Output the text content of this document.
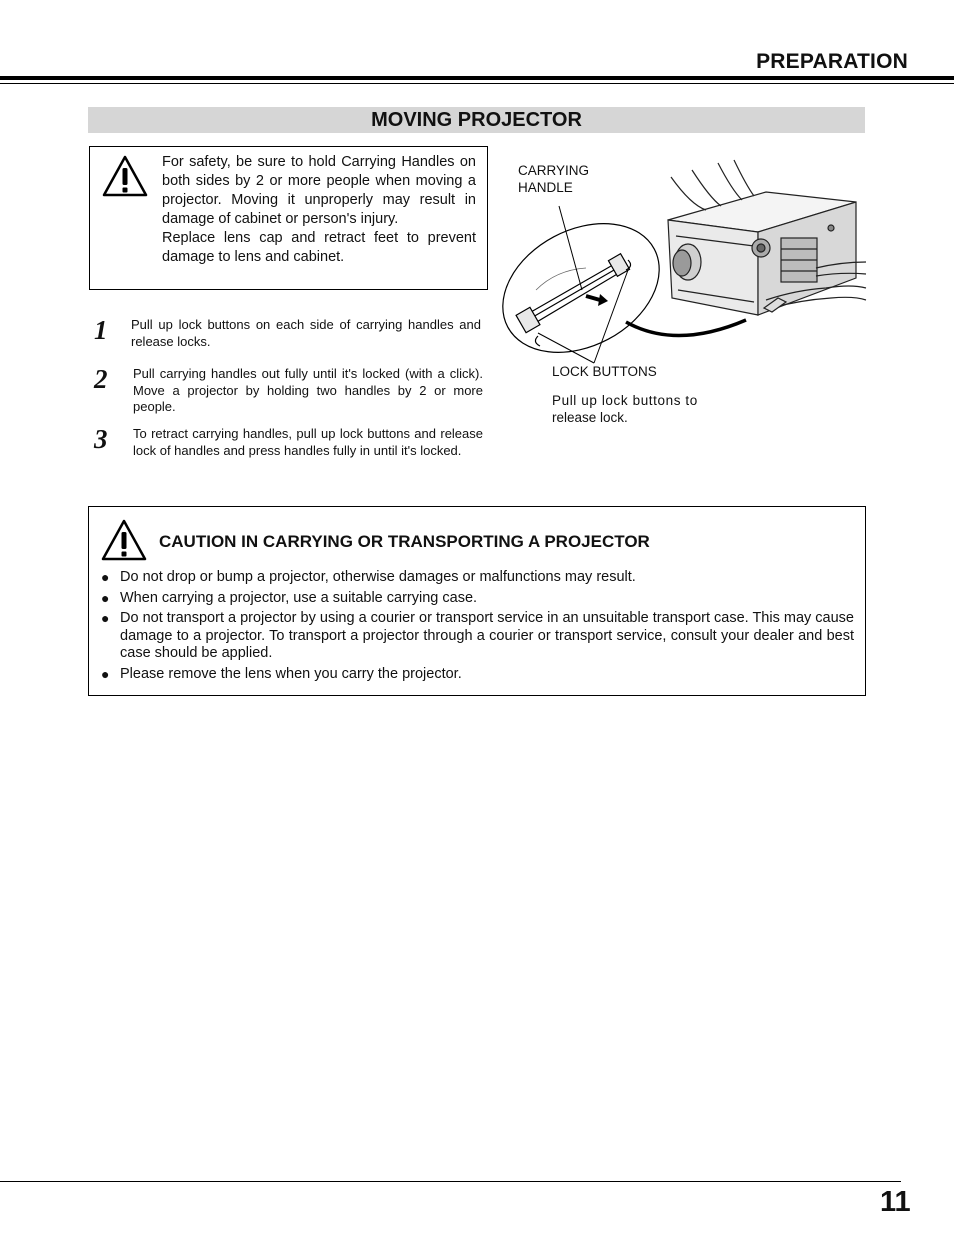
PREPARATION
MOVING PROJECTOR

For safety, be sure to hold Carrying Handles on both sides by 2 or more people when moving a projector. Moving it unproperly may result in damage of cabinet or person's injury.

Replace lens cap and retract feet to prevent damage to lens and cabinet.

1 Pull up lock buttons on each side of carrying handles and release locks.
2 Pull carrying handles out fully until it's locked (with a click). Move a projector by holding two handles by 2 or more people.
3 To retract carrying handles, pull up lock buttons and release lock of handles and press handles fully in until it's locked.
CARRYING
HANDLE
LOCK BUTTONS
Pull up lock buttons to
release lock.
CAUTION IN CARRYING OR TRANSPORTING A PROJECTOR
● Do not drop or bump a projector, otherwise damages or malfunctions may result.
● When carrying a projector, use a suitable carrying case.
● Do not transport a projector by using a courier or transport service in an unsuitable transport case. This may cause damage to a projector. To transport a projector through a courier or transport service, consult your dealer and best case should be applied.
● Please remove the lens when you carry the projector.
11
